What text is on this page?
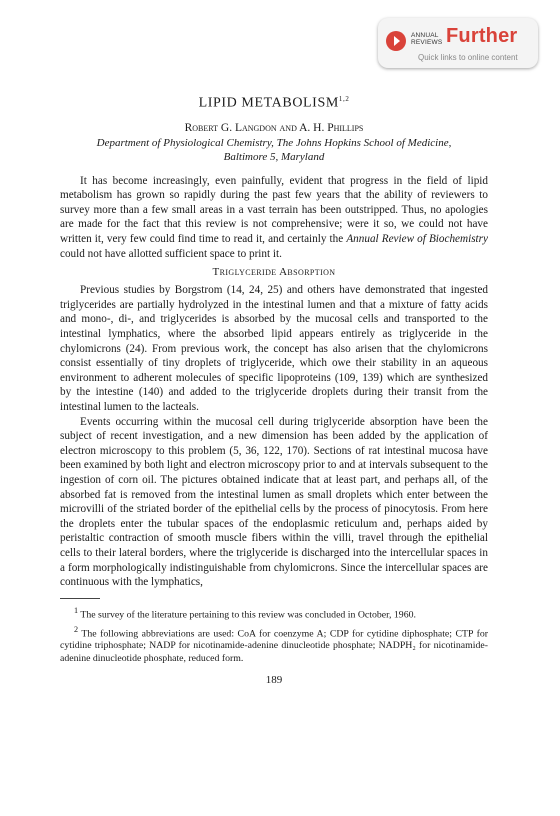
ANNUAL REVIEWS Further
Quick links to online content
LIPID METABOLISM$^{1,2}$
Robert G. Langdon and A. H. Phillips
Department of Physiological Chemistry, The Johns Hopkins School of Medicine,
Baltimore 5, Maryland

It has become increasingly, even painfully, evident that progress in the field of lipid metabolism has grown so rapidly during the past few years that the ability of reviewers to survey more than a few small areas in a vast terrain has been outstripped. Thus, no apologies are made for the fact that this review is not comprehensive; were it so, we could not have written it, very few could find time to read it, and certainly the Annual Review of Biochemistry could not have allotted sufficient space to print it.

Triglyceride Absorption

Previous studies by Borgstrom (14, 24, 25) and others have demonstrated that ingested triglycerides are partially hydrolyzed in the intestinal lumen and that a mixture of fatty acids and mono-, di-, and triglycerides is absorbed by the mucosal cells and transported to the intestinal lymphatics, where the absorbed lipid appears entirely as triglyceride in the chylomicrons (24). From previous work, the concept has also arisen that the chylomicrons consist essentially of tiny droplets of triglyceride, which owe their stability in an aqueous environment to adherent molecules of specific lipoproteins (109, 139) which are synthesized by the intestine (140) and added to the triglyceride droplets during their transit from the intestinal lumen to the lacteals.

Events occurring within the mucosal cell during triglyceride absorption have been the subject of recent investigation, and a new dimension has been added by the application of electron microscopy to this problem (5, 36, 122, 170). Sections of rat intestinal mucosa have been examined by both light and electron microscopy prior to and at intervals subsequent to the ingestion of corn oil. The pictures obtained indicate that at least part, and perhaps all, of the absorbed fat is removed from the intestinal lumen as small droplets which enter between the microvilli of the striated border of the epithelial cells by the process of pinocytosis. From here the droplets enter the tubular spaces of the endoplasmic reticulum and, perhaps aided by peristaltic contraction of smooth muscle fibers within the villi, travel through the epithelial cells to their lateral borders, where the triglyceride is discharged into the intercellular spaces in a form morphologically indistinguishable from chylomicrons. Since the intercellular spaces are continuous with the lymphatics,

$^1$ The survey of the literature pertaining to this review was concluded in October, 1960.

$^2$ The following abbreviations are used: CoA for coenzyme A; CDP for cytidine diphosphate; CTP for cytidine triphosphate; NADP for nicotinamide-adenine dinucleotide phosphate; NADPH₂ for nicotinamide-adenine dinucleotide phosphate, reduced form.

189
